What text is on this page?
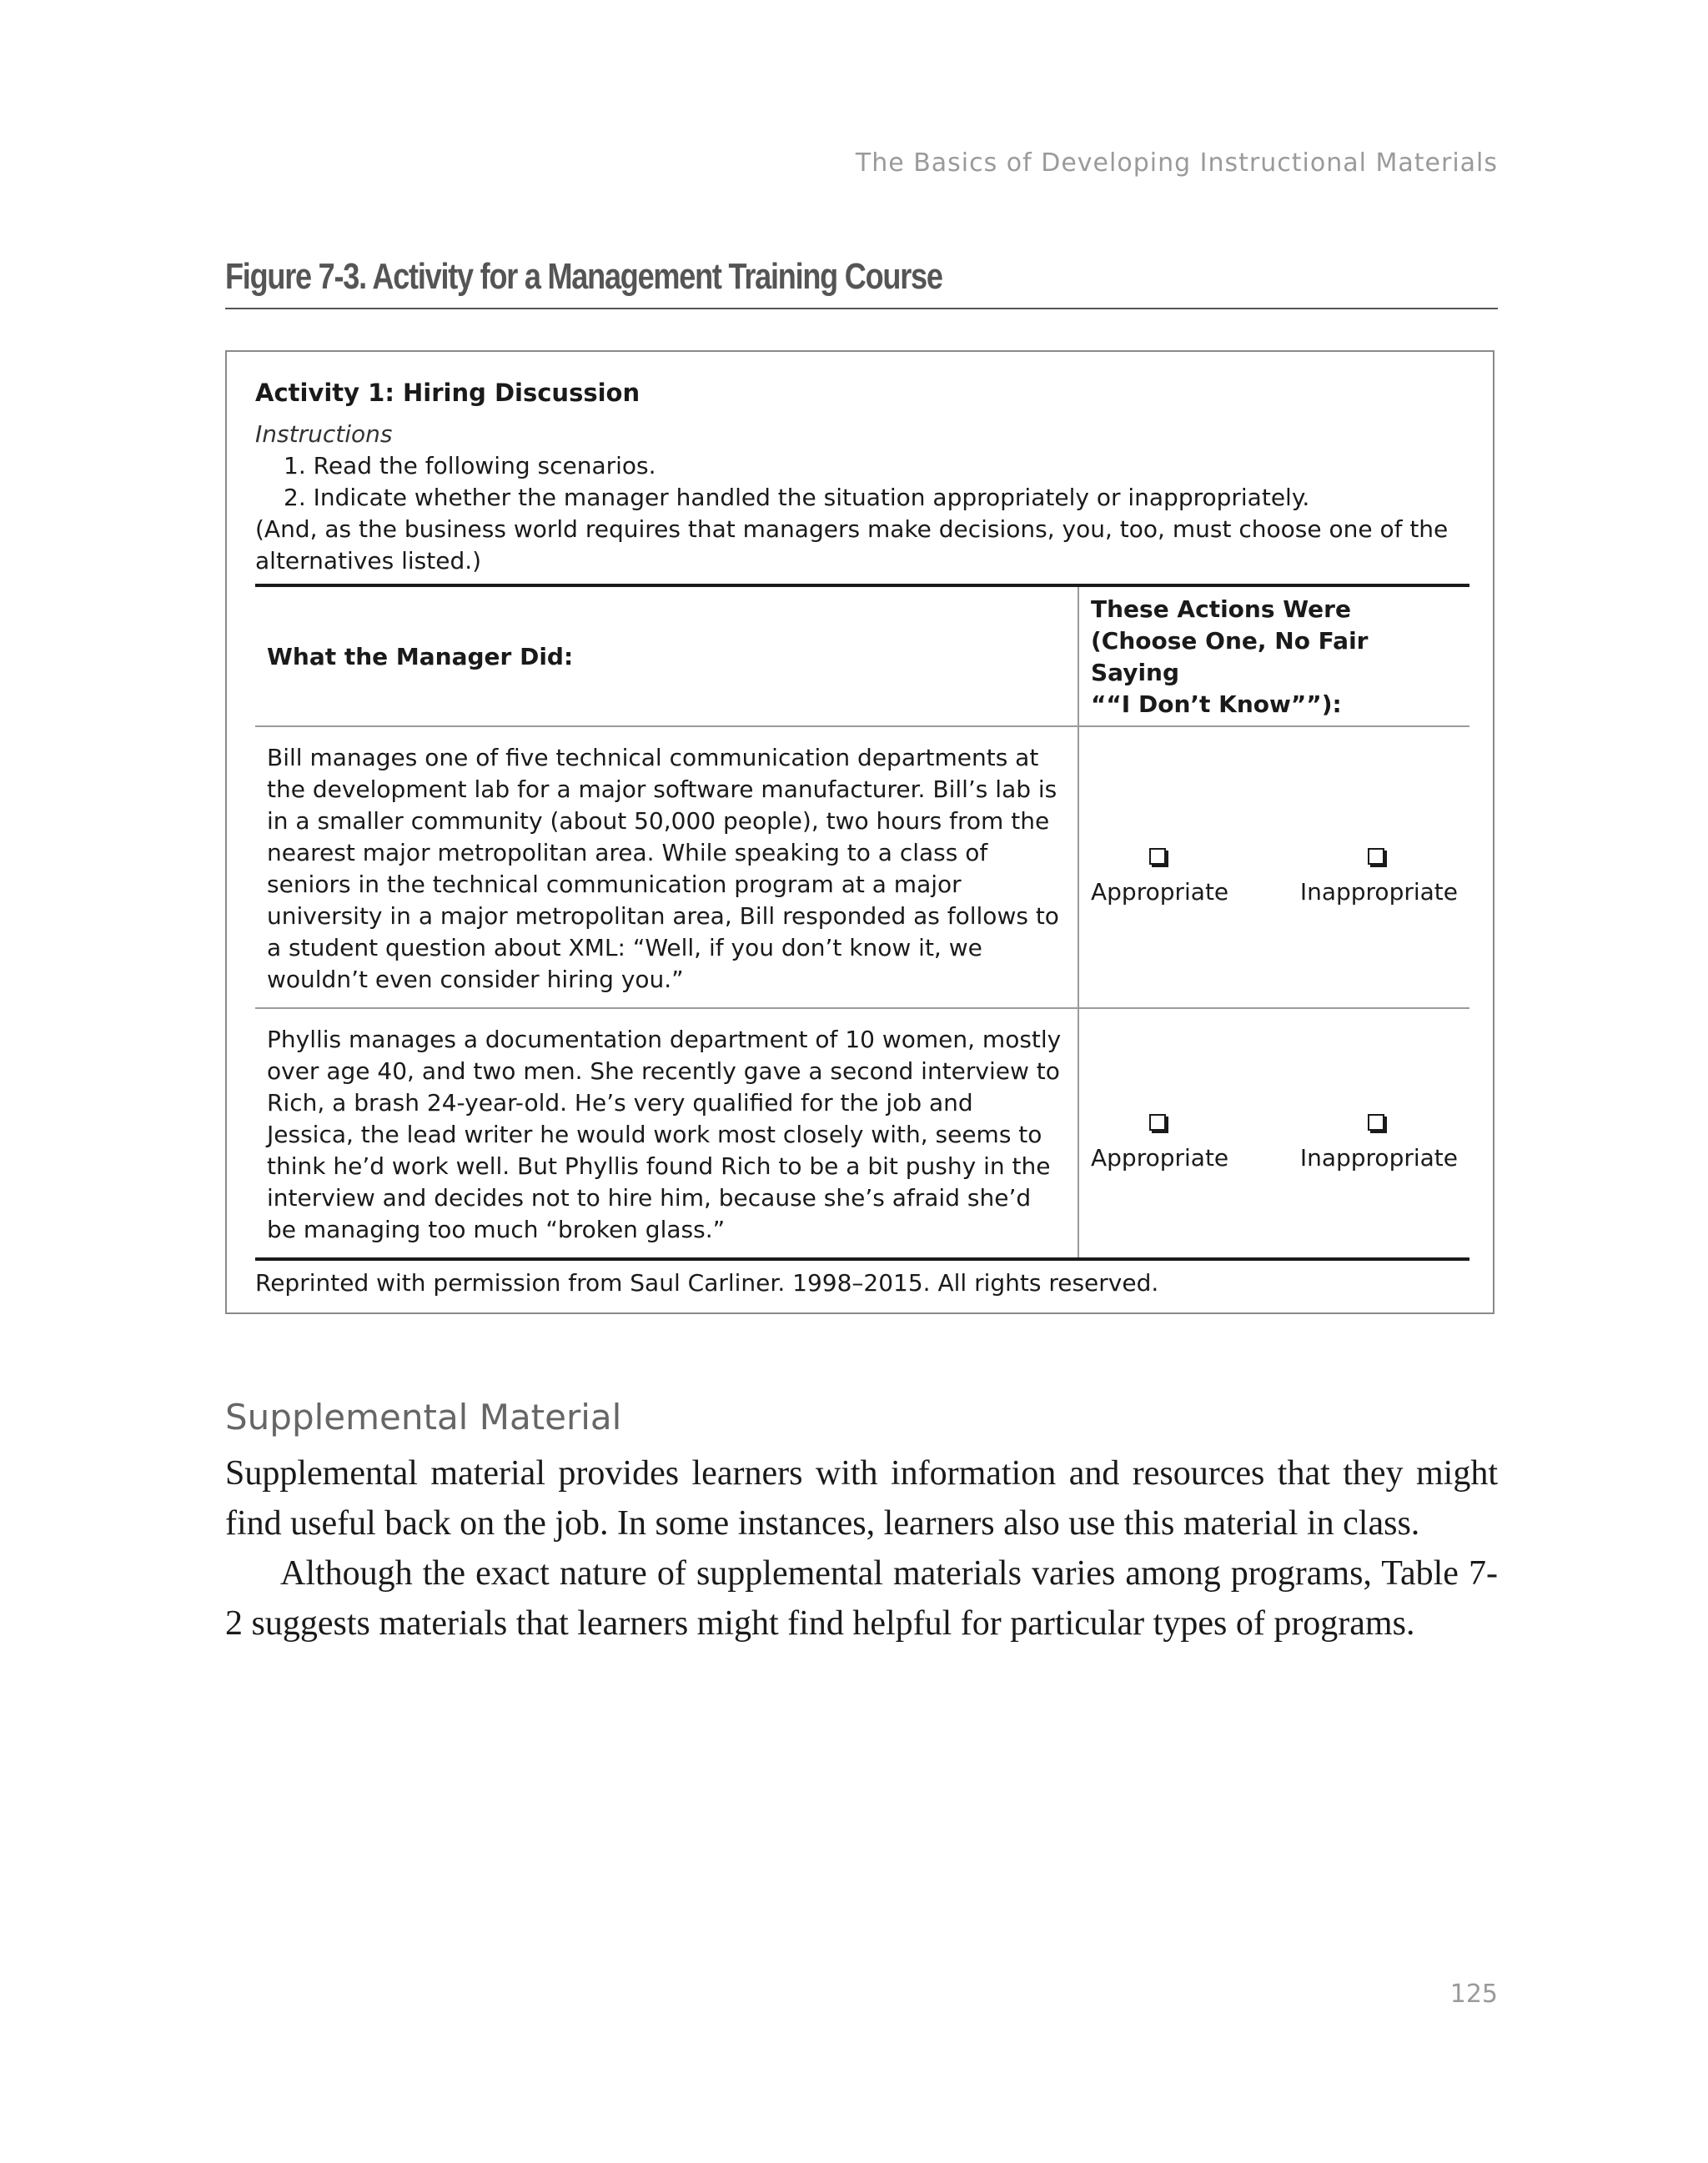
The Basics of Developing Instructional Materials
Figure 7-3. Activity for a Management Training Course
Activity 1: Hiring Discussion
Instructions
1. Read the following scenarios.
2. Indicate whether the manager handled the situation appropriately or inappropriately.
(And, as the business world requires that managers make decisions, you, too, must choose one of the alternatives listed.)
What the Manager Did:	These Actions Were
(Choose One, No Fair Saying
““I Don’t Know””):

Bill manages one of five technical communication departments at the development lab for a major software manufacturer. Bill’s lab is in a smaller community (about 50,000 people), two hours from the nearest major metropolitan area. While speaking to a class of seniors in the technical communication program at a major university in a major metropolitan area, Bill responded as follows to a student question about XML: “Well, if you don’t know it, we wouldn’t even consider hiring you.”	Appropriate Inappropriate

Phyllis manages a documentation department of 10 women, mostly over age 40, and two men. She recently gave a second interview to Rich, a brash 24-year-old. He’s very qualified for the job and Jessica, the lead writer he would work most closely with, seems to think he’d work well. But Phyllis found Rich to be a bit pushy in the interview and decides not to hire him, because she’s afraid she’d be managing too much “broken glass.”	Appropriate Inappropriate
Reprinted with permission from Saul Carliner. 1998–2015. All rights reserved.
Supplemental Material

Supplemental material provides learners with information and resources that they might find useful back on the job. In some instances, learners also use this material in class.

Although the exact nature of supplemental materials varies among programs, Table 7-2 suggests materials that learners might find helpful for particular types of programs.

125
